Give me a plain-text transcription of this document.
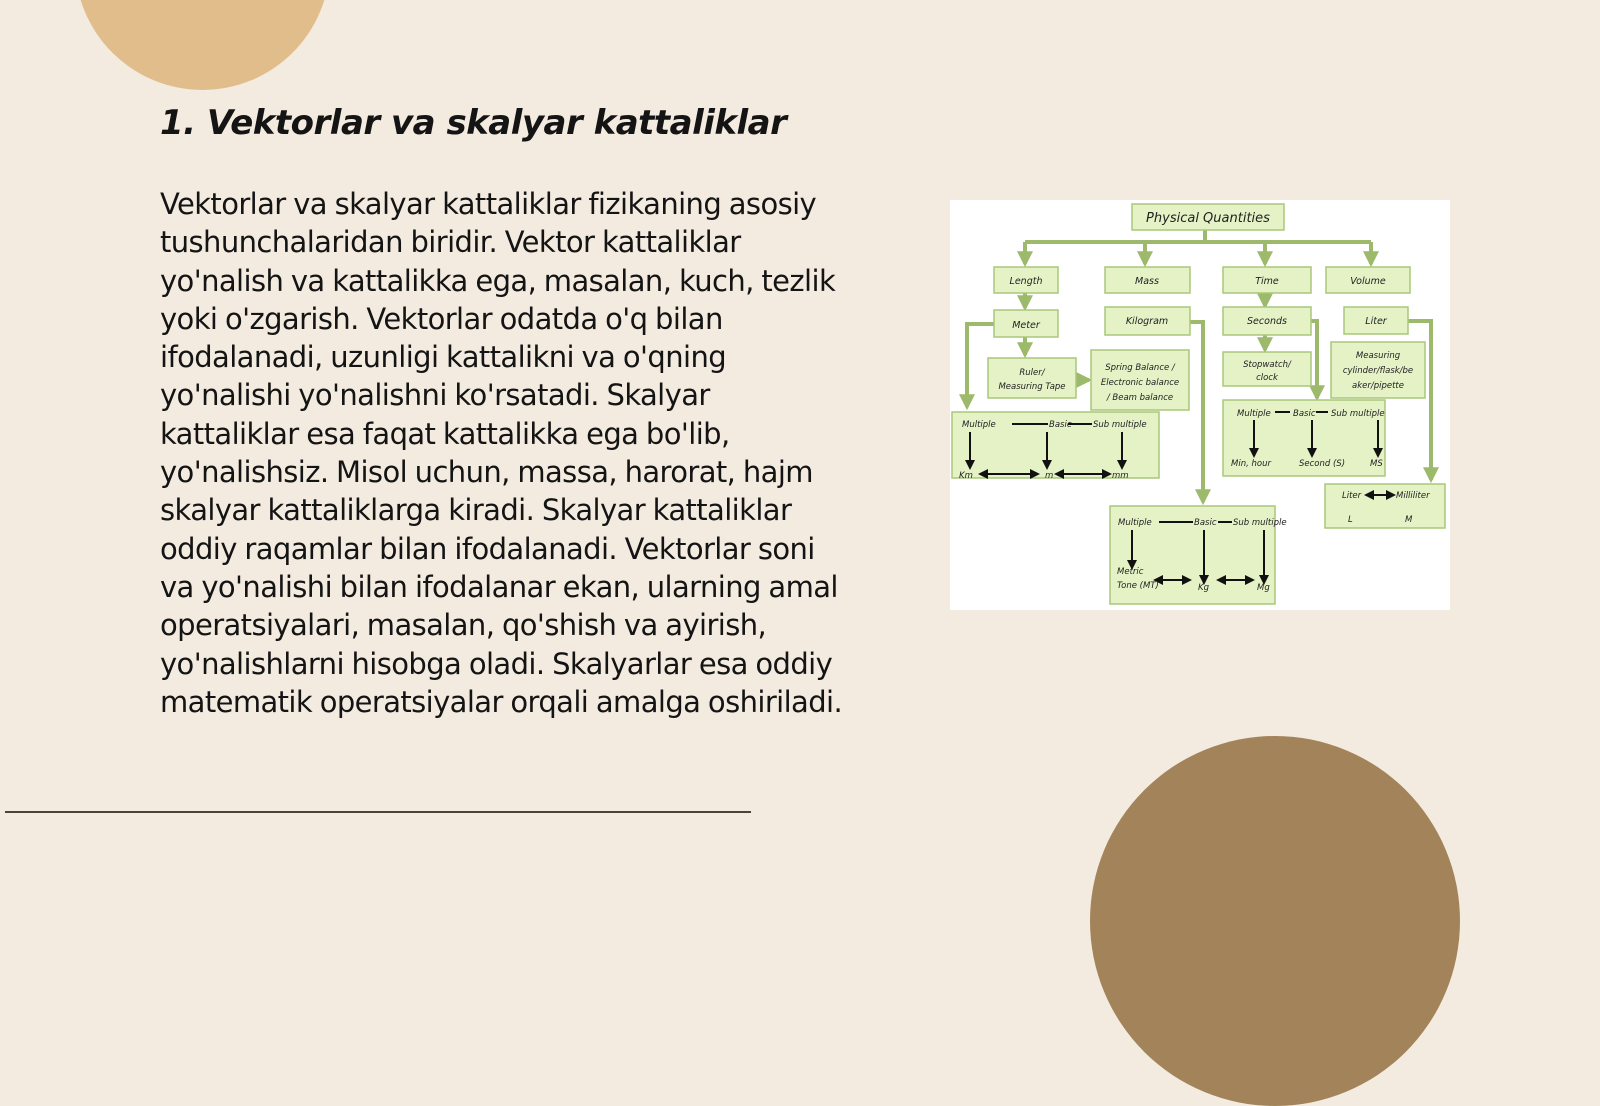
1. Vektorlar va skalyar kattaliklar

Vektorlar va skalyar kattaliklar fizikaning asosiy tushunchalaridan biridir. Vektor kattaliklar yo'nalish va kattalikka ega, masalan, kuch, tezlik yoki o'zgarish. Vektorlar odatda o'q bilan ifodalanadi, uzunligi kattalikni va o'qning yo'nalishi yo'nalishni ko'rsatadi. Skalyar kattaliklar esa faqat kattalikka ega bo'lib, yo'nalishsiz. Misol uchun, massa, harorat, hajm skalyar kattaliklarga kiradi. Skalyar kattaliklar oddiy raqamlar bilan ifodalanadi. Vektorlar soni va yo'nalishi bilan ifodalanar ekan, ularning amal operatsiyalari, masalan, qo'shish va ayirish, yo'nalishlarni hisobga oladi. Skalyarlar esa oddiy matematik operatsiyalar orqali amalga oshiriladi.

Physical Quantities
Length	Mass	Time	Volume
Meter	Kilogram	Seconds	Liter
Ruler/
Measuring Tape
Spring Balance /
Electronic balance
/ Beam balance
Stopwatch/
clock
Measuring
cylinder/flask/be
aker/pipette
Multiple	Basic	Sub multiple
Km	m	mm
Multiple	Basic Sub multiple
Min, hour	Second (S)	MS
Liter	Milliliter
L	M
Multiple	Basic Sub multiple
Metric
Tone (MT)	Kg	Mg
